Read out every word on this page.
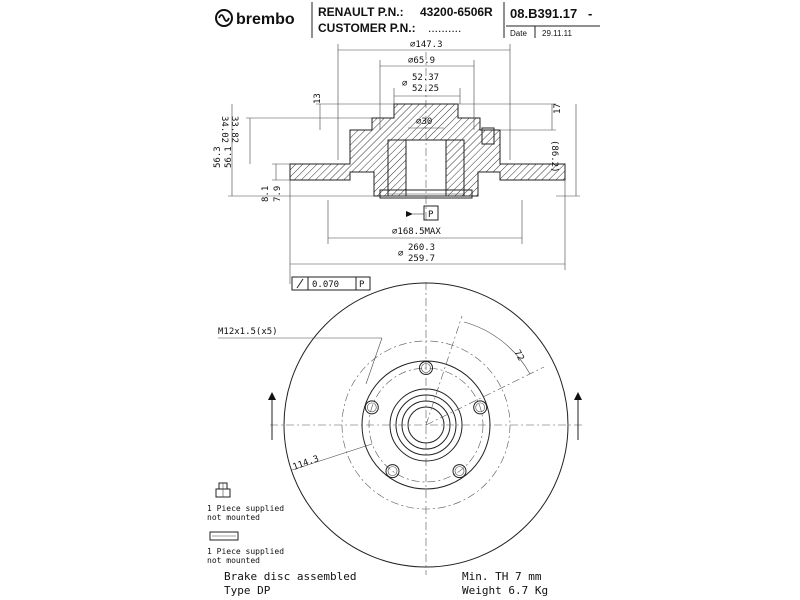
brembo RENAULT P.N.: 43200-6506R
CUSTOMER P.N.: ..........
08.B391.17 -
Date 29.11.11
⌀147.3
⌀65.9
52.37
52.25
⌀
⌀30
P
⌀168.5MAX
⌀
260.3
259.7
13
17
(86.2)
34.02 33.82
56.3 56.1
8.1 7.9
0.070 P
72
M12x1.5(x5)
114.3
1 Piece supplied
not mounted
1 Piece supplied
not mounted
Brake disc assembled
Type DP
Min. TH 7 mm
Weight 6.7 Kg
